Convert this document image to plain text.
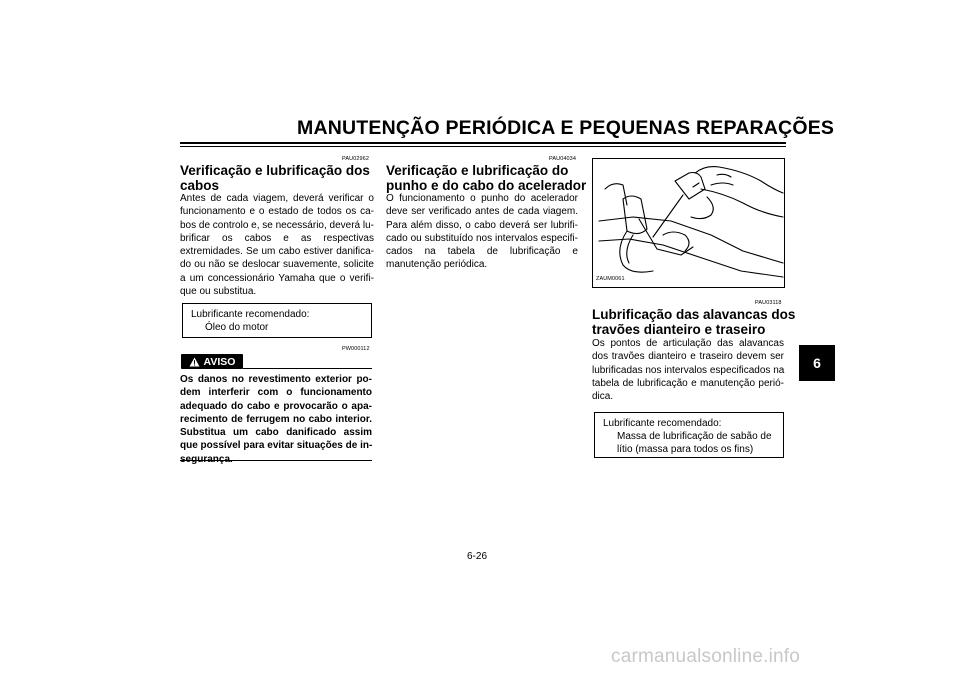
MANUTENÇÃO PERIÓDICA E PEQUENAS REPARAÇÕES
6
PAU02962
Verificação e lubrificação dos
cabos
Antes de cada viagem, deverá verificar o
funcionamento e o estado de todos os ca-
bos de controlo e, se necessário, deverá lu-
brificar os cabos e as respectivas
extremidades. Se um cabo estiver danifica-
do ou não se deslocar suavemente, solicite
a um concessionário Yamaha que o verifi-
que ou substitua.
Lubrificante recomendado:
Óleo do motor
PW000112
AVISO
Os danos no revestimento exterior po-
dem interferir com o funcionamento
adequado do cabo e provocarão o apa-
recimento de ferrugem no cabo interior.
Substitua um cabo danificado assim
que possível para evitar situações de in-
PAU04034
Verificação e lubrificação do
punho e do cabo do acelerador
O funcionamento o punho do acelerador
deve ser verificado antes de cada viagem.
Para além disso, o cabo deverá ser lubrifi-
cado ou substituído nos intervalos especifi-
cados na tabela de lubrificação e
manutenção periódica.
ZAUM0061
PAU03118
Lubrificação das alavancas dos
travões dianteiro e traseiro
Os pontos de articulação das alavancas
dos travões dianteiro e traseiro devem ser
lubrificadas nos intervalos especificados na
tabela de lubrificação e manutenção perió-
dica.
Lubrificante recomendado:
Massa de lubrificação de sabão de
lítio (massa para todos os fins)
6-26
carmanualsonline.info
